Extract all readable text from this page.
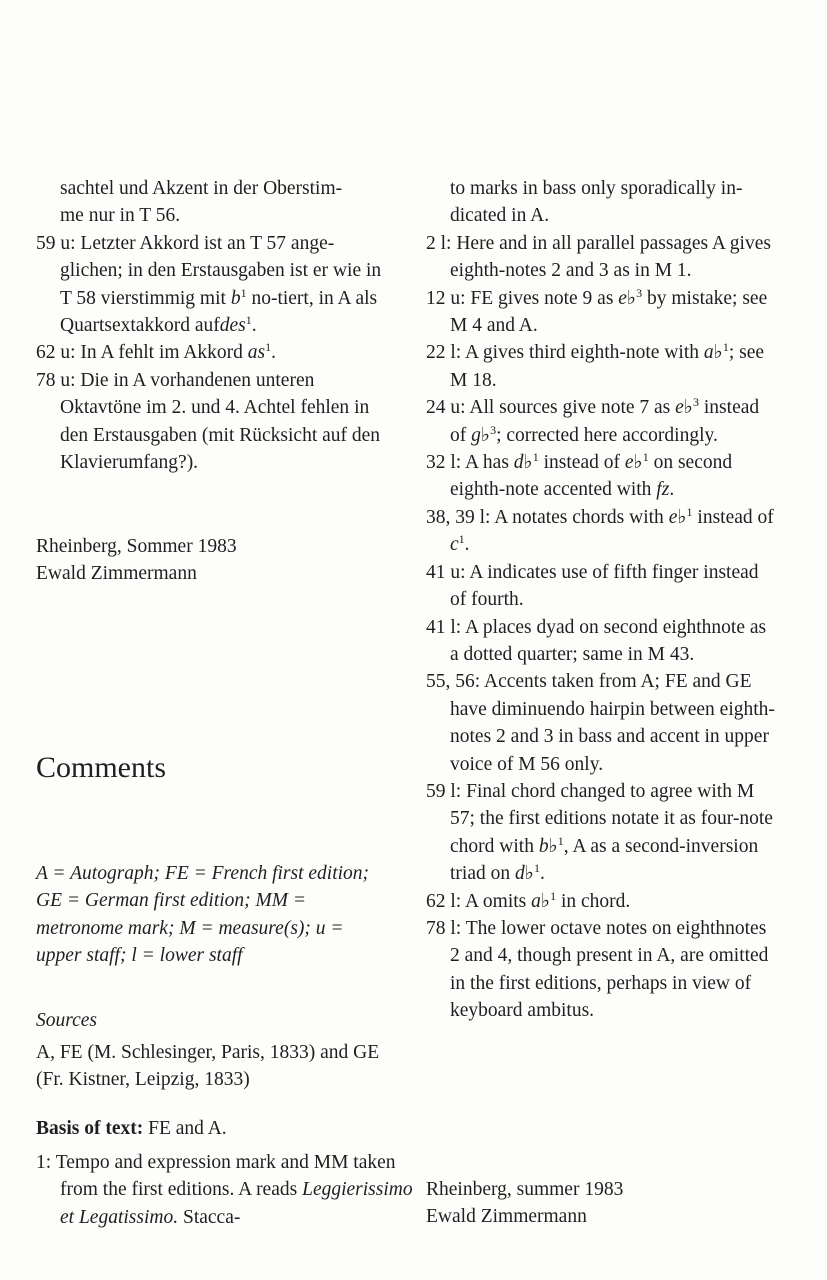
sachtel und Akzent in der Oberstim-

me nur in T 56.

59 u: Letzter Akkord ist an T 57 ange-glichen; in den Erstausgaben ist er wie in T 58 vierstimmig mit $b^1$ no-tiert, in A als Quartsextakkord aufdes$^1$.

62 u: In A fehlt im Akkord $as^1$.

78 u: Die in A vorhandenen unteren Oktavtöne im 2. und 4. Achtel fehlen in den Erstausgaben (mit Rücksicht auf den Klavierumfang?).

Rheinberg, Sommer 1983

Ewald Zimmermann

Comments

A = Autograph; FE = French first edition; GE = German first edition; MM = metronome mark; M = measure(s); u = upper staff; l = lower staff

Sources

A, FE (M. Schlesinger, Paris, 1833) and GE (Fr. Kistner, Leipzig, 1833)

Basis of text: FE and A.

1: Tempo and expression mark and MM taken from the first editions. A reads Leggierissimo et Legatissimo. Stacca-

to marks in bass only sporadically in-

dicated in A.

2 l: Here and in all parallel passages A gives eighth-notes 2 and 3 as in M 1.

12 u: FE gives note 9 as e♭$^3$ by mistake; see M 4 and A.

22 l: A gives third eighth-note with a♭$^1$; see M 18.

24 u: All sources give note 7 as e♭$^3$ instead of g♭$^3$; corrected here accordingly.

32 l: A has d♭$^1$ instead of e♭$^1$ on second eighth-note accented with fz.

38, 39 l: A notates chords with e♭$^1$ instead of $c^1$.

41 u: A indicates use of fifth finger instead of fourth.

41 l: A places dyad on second eighthnote as a dotted quarter; same in M 43.

55, 56: Accents taken from A; FE and GE have diminuendo hairpin between eighth-notes 2 and 3 in bass and accent in upper voice of M 56 only.

59 l: Final chord changed to agree with M 57; the first editions notate it as four-note chord with b♭$^1$, A as a second-inversion triad on d♭$^1$.

62 l: A omits a♭$^1$ in chord.

78 l: The lower octave notes on eighthnotes 2 and 4, though present in A, are omitted in the first editions, perhaps in view of keyboard ambitus.

Rheinberg, summer 1983

Ewald Zimmermann
